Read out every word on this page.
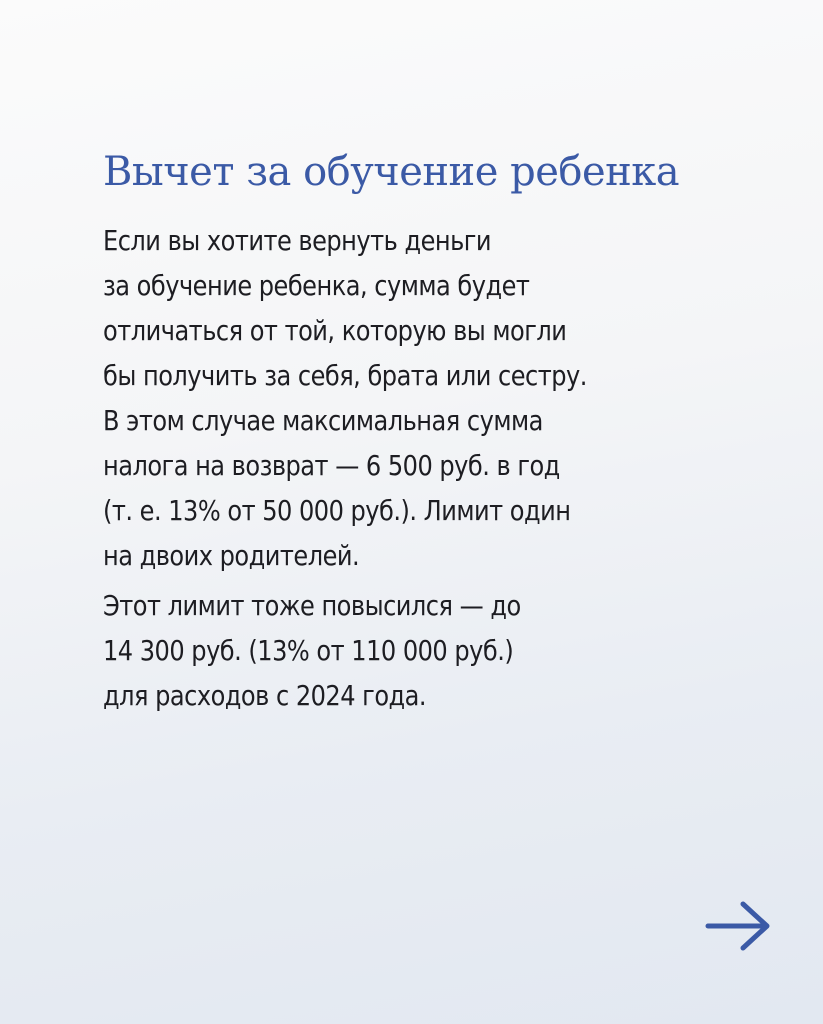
Вычет за обучение ребенка

Если вы хотите вернуть деньги
за обучение ребенка, сумма будет
отличаться от той, которую вы могли
бы получить за себя, брата или сестру.
В этом случае максимальная сумма
налога на возврат — 6 500 руб. в год
(т. е. 13% от 50 000 руб.). Лимит один
на двоих родителей.

Этот лимит тоже повысился — до
14 300 руб. (13% от 110 000 руб.)
для расходов с 2024 года.
